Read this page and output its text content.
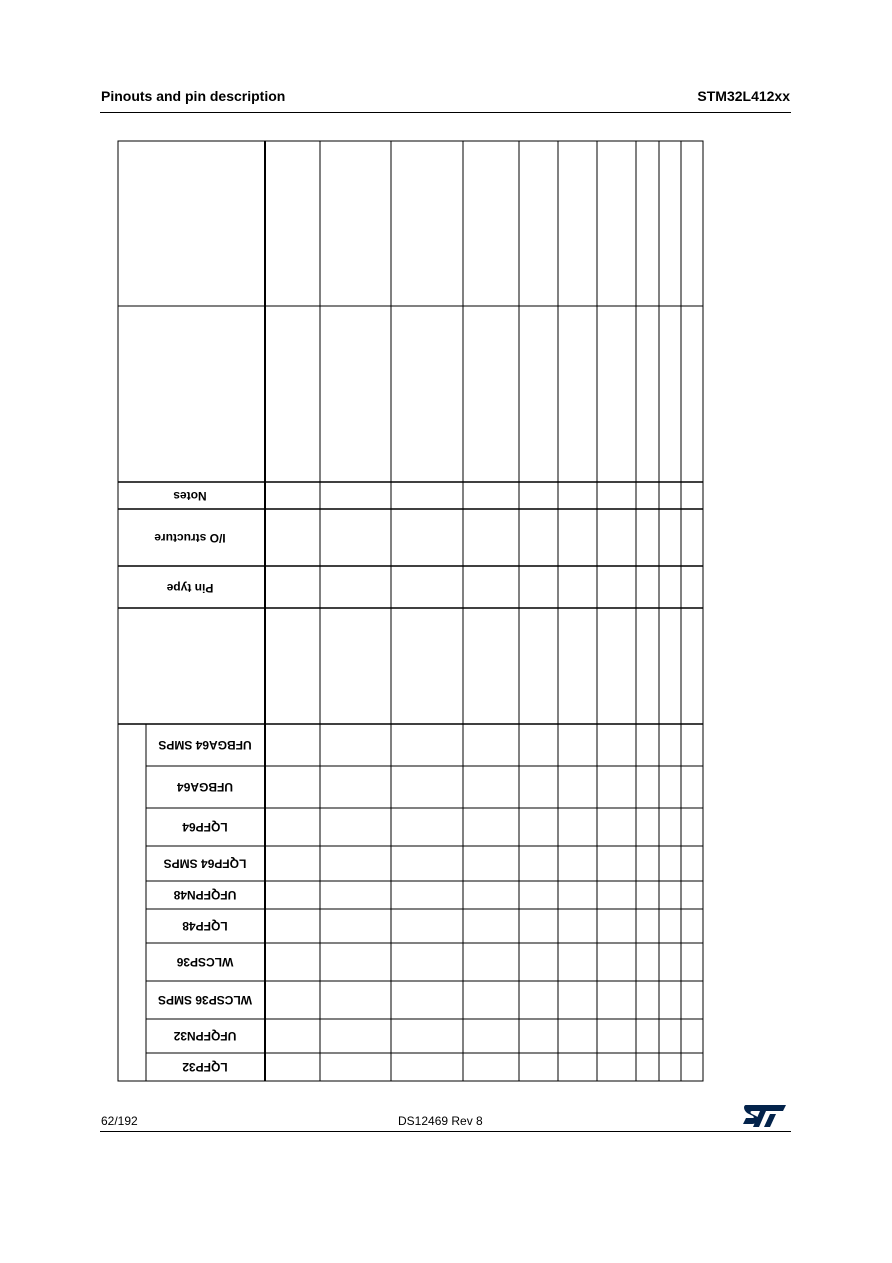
Pinouts and pin description	STM32L412xx
Notes
I/O structure
Pin type
UFBGA64 SMPS
UFBGA64
LQFP64
LQFP64 SMPS
UFQFPN48
LQFP48
WLCSP36
WLCSP36 SMPS
UFQFPN32
LQFP32
62/192	DS12469 Rev 8
